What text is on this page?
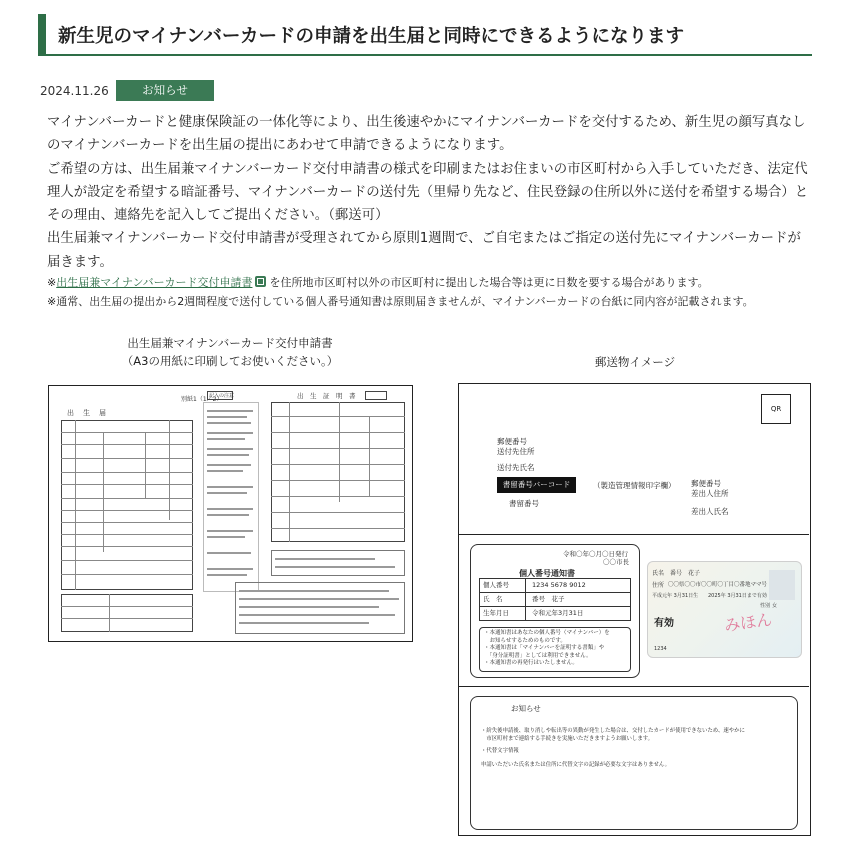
新生児のマイナンバーカードの申請を出生届と同時にできるようになります
2024.11.26	お知らせ

マイナンバーカードと健康保険証の一体化等により、出生後速やかにマイナンバーカードを交付するため、新生児の顔写真なしのマイナンバーカードを出生届の提出にあわせて申請できるようになります。

ご希望の方は、出生届兼マイナンバーカード交付申請書の様式を印刷またはお住まいの市区町村から入手していただき、法定代理人が設定を希望する暗証番号、マイナンバーカードの送付先（里帰り先など、住民登録の住所以外に送付を希望する場合）とその理由、連絡先を記入してご提出ください。（郵送可）

出生届兼マイナンバーカード交付申請書が受理されてから原則1週間で、ご自宅またはご指定の送付先にマイナンバーカードが届きます。

※出生届兼マイナンバーカード交付申請書 を住所地市区町村以外の市区町村に提出した場合等は更に日数を要する場合があります。
※通常、出生届の提出から2週間程度で送付している個人番号通知書は原則届きませんが、マイナンバーカードの台紙に同内容が記載されます。
出生届兼マイナンバーカード交付申請書
（A3の用紙に印刷してお使いください。）	郵送物イメージ
別紙1（1／2）
記入の注意
出　生　届
出　生　証　明　書
QR
郵便番号
送付先住所
送付先氏名
書留番号バーコード	（製造管理情報印字欄）
書留番号
郵便番号
差出人住所
差出人氏名
令和〇年〇月〇日発行
〇〇市長
個人番号通知書
個人番号	1234 5678 9012
氏　名	番号　花子
生年月日	令和元年3月31日
・本通知書はあなたの個人番号（マイナンバー）を
　お知らせするためのものです。
・本通知書は「マイナンバーを証明する書類」や
　「身分証明書」としては利用できません。
・本通知書の再発行はいたしません。
氏名 番号　花子
住所 〇〇県〇〇市〇〇町〇丁目〇番地ママ号
平成元年 3月31日生 2025年 3月31日まで有効
性別 女
有効	みほん
1234
お知らせ
・紛失後申請後、取り消しや転出等の異動が発生した場合は、交付したカードが使用できないため、速やかに
　市区町村まで連絡する手続きを実施いただきますようお願いします。
・代替文字情報
申請いただいた氏名または住所に代替文字の記録が必要な文字はありません。
